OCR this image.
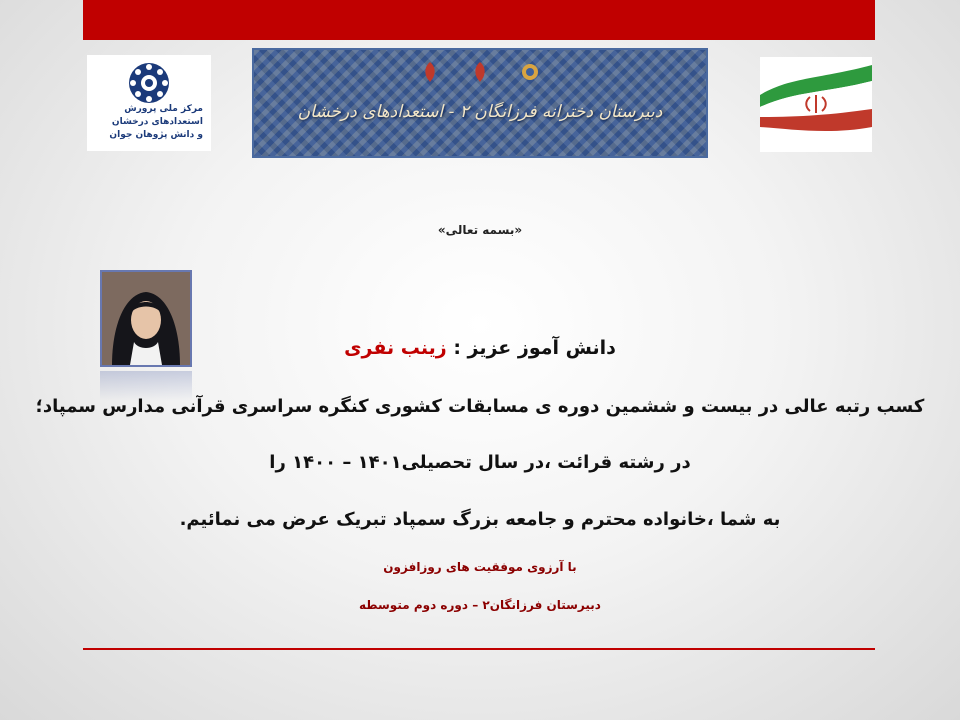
مرکز ملی پرورش استعدادهای درخشان
و دانش پژوهان جوان
دبیرستان دخترانه فرزانگان ۲ - استعدادهای درخشان
«بسمه تعالی»
دانش آموز عزیز : زینب نفری
کسب رتبه عالی در بیست و ششمین دوره ی مسابقات کشوری کنگره سراسری قرآنی مدارس سمپاد؛
در رشته قرائت ،در سال تحصیلی۱۴۰۱ – ۱۴۰۰ را
به شما ،خانواده محترم و جامعه بزرگ سمپاد تبریک عرض می نمائیم.
با آرزوی موفقیت های روزافزون
دبیرستان فرزانگان۲ – دوره دوم متوسطه
